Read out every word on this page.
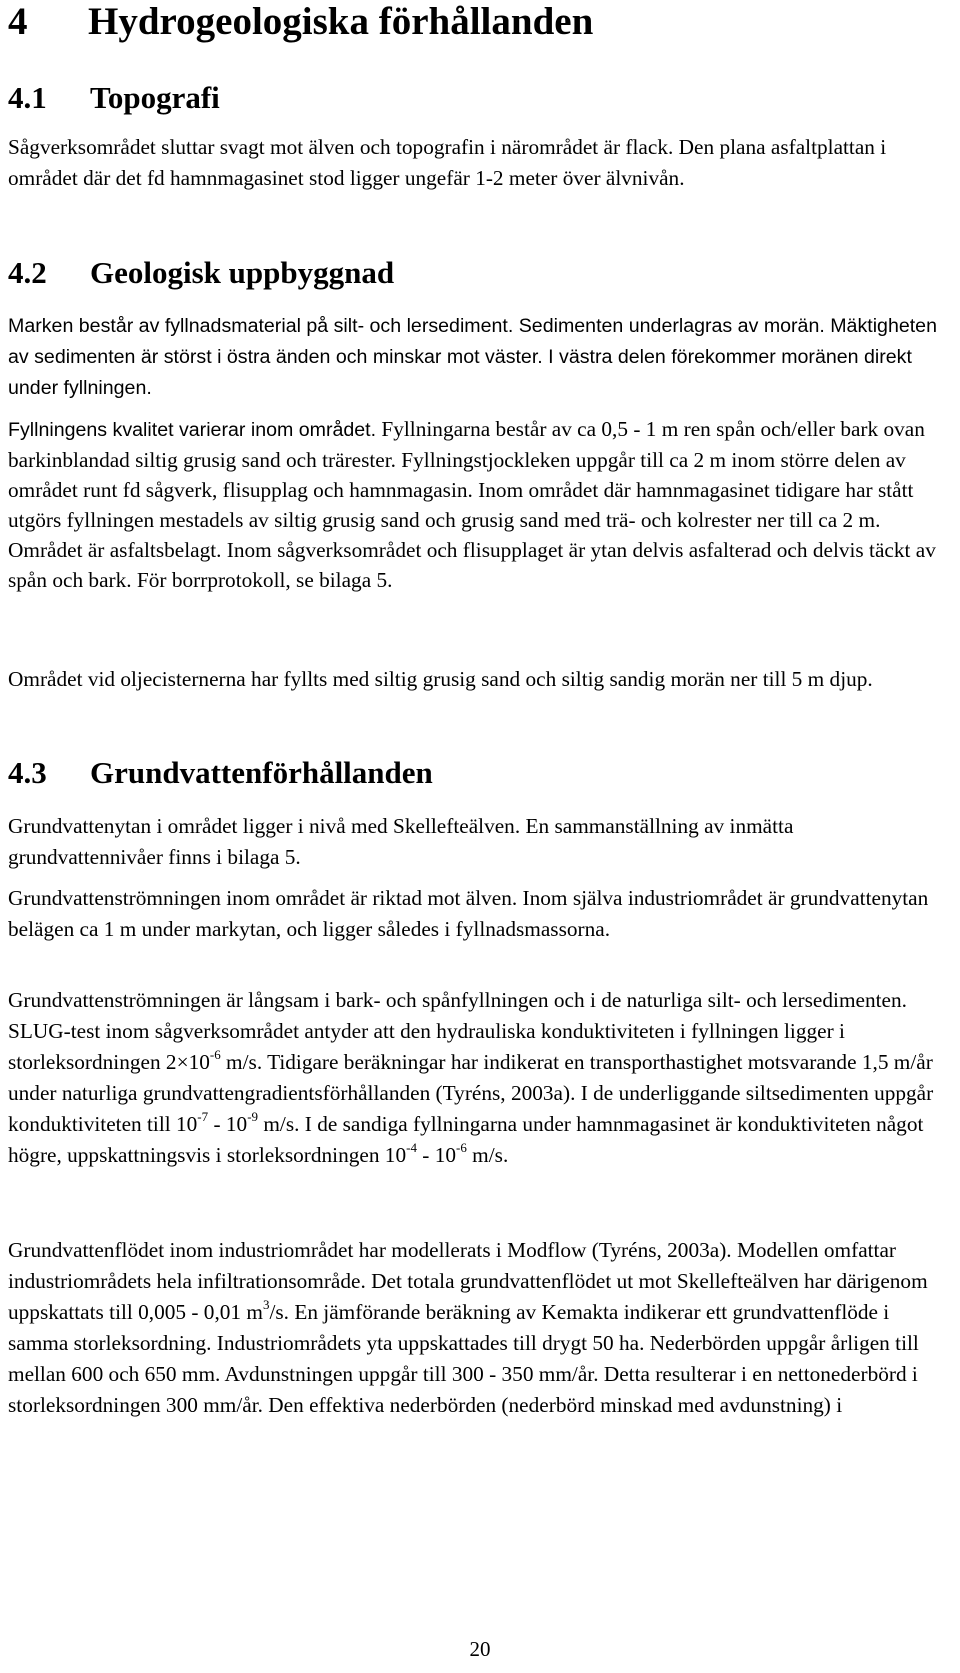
4 Hydrogeologiska förhållanden
4.1 Topografi

Sågverksområdet sluttar svagt mot älven och topografin i närområdet är flack. Den plana asfaltplattan i området där det fd hamnmagasinet stod ligger ungefär 1-2 meter över älvnivån.

4.2 Geologisk uppbyggnad

Marken består av fyllnadsmaterial på silt- och lersediment. Sedimenten underlagras av morän. Mäktigheten av sedimenten är störst i östra änden och minskar mot väster. I västra delen förekommer moränen direkt under fyllningen.

Fyllningens kvalitet varierar inom området. Fyllningarna består av ca 0,5 - 1 m ren spån och/eller bark ovan barkinblandad siltig grusig sand och trärester. Fyllningstjockleken uppgår till ca 2 m inom större delen av området runt fd sågverk, flisupplag och hamnmagasin. Inom området där hamnmagasinet tidigare har stått utgörs fyllningen mestadels av siltig grusig sand och grusig sand med trä- och kolrester ner till ca 2 m. Området är asfaltsbelagt. Inom sågverksområdet och flisupplaget är ytan delvis asfalterad och delvis täckt av spån och bark. För borrprotokoll, se bilaga 5.

Området vid oljecisternerna har fyllts med siltig grusig sand och siltig sandig morän ner till 5 m djup.

4.3 Grundvattenförhållanden

Grundvattenytan i området ligger i nivå med Skellefteälven. En sammanställning av inmätta grundvattennivåer finns i bilaga 5.

Grundvattenströmningen inom området är riktad mot älven. Inom själva industriområdet är grundvattenytan belägen ca 1 m under markytan, och ligger således i fyllnadsmassorna.

Grundvattenströmningen är långsam i bark- och spånfyllningen och i de naturliga silt- och lersedimenten. SLUG-test inom sågverksområdet antyder att den hydrauliska konduktiviteten i fyllningen ligger i storleksordningen $2\times 10^{-6}$ m/s. Tidigare beräkningar har indikerat en transporthastighet motsvarande 1,5 m/år under naturliga grundvattengradientsförhållanden (Tyréns, 2003a). I de underliggande siltsedimenten uppgår konduktiviteten till $10^{-7} - 10^{-9}$ m/s. I de sandiga fyllningarna under hamnmagasinet är konduktiviteten något högre, uppskattningsvis i storleksordningen $10^{-4} - 10^{-6}$ m/s.

Grundvattenflödet inom industriområdet har modellerats i Modflow (Tyréns, 2003a). Modellen omfattar industriområdets hela infiltrationsområde. Det totala grundvattenflödet ut mot Skellefteälven har därigenom uppskattats till 0,005 - 0,01 $m^3/s$. En jämförande beräkning av Kemakta indikerar ett grundvattenflöde i samma storleksordning. Industriområdets yta uppskattades till drygt 50 ha. Nederbörden uppgår årligen till mellan 600 och 650 mm. Avdunstningen uppgår till 300 - 350 mm/år. Detta resulterar i en nettonederbörd i storleksordningen 300 mm/år. Den effektiva nederbörden (nederbörd minskad med avdunstning) i

20
